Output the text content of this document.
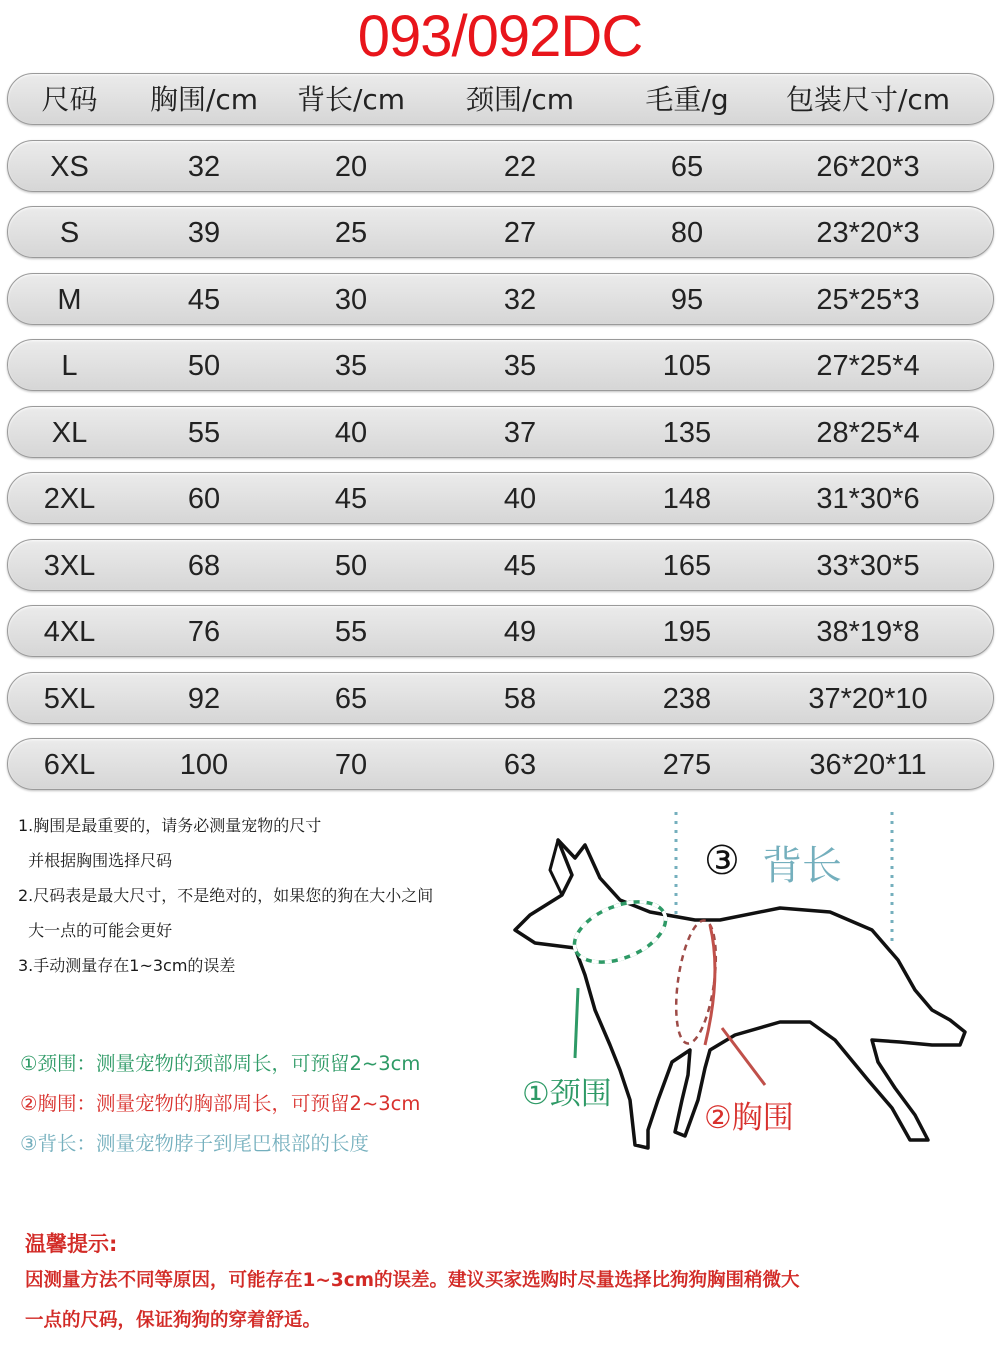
093/092DC
尺码	胸围/cm	背长/cm	颈围/cm	毛重/g	包装尺寸/cm
XS	32	20	22	65	26*20*3
S	39	25	27	80	23*20*3
M	45	30	32	95	25*25*3
L	50	35	35	105	27*25*4
XL	55	40	37	135	28*25*4
2XL	60	45	40	148	31*30*6
3XL	68	50	45	165	33*30*5
4XL	76	55	49	195	38*19*8
5XL	92	65	58	238	37*20*10
6XL	100	70	63	275	36*20*11
1.胸围是最重要的，请务必测量宠物的尺寸
并根据胸围选择尺码
2.尺码表是最大尺寸，不是绝对的，如果您的狗在大小之间
大一点的可能会更好
3.手动测量存在1~3cm的误差
①颈围：测量宠物的颈部周长，可预留2~3cm
②胸围：测量宠物的胸部周长，可预留2~3cm
③背长：测量宠物脖子到尾巴根部的长度
③ 背长
①颈围
②胸围
温馨提示:
因测量方法不同等原因，可能存在1~3cm的误差。建议买家选购时尽量选择比狗狗胸围稍微大
一点的尺码，保证狗狗的穿着舒适。
